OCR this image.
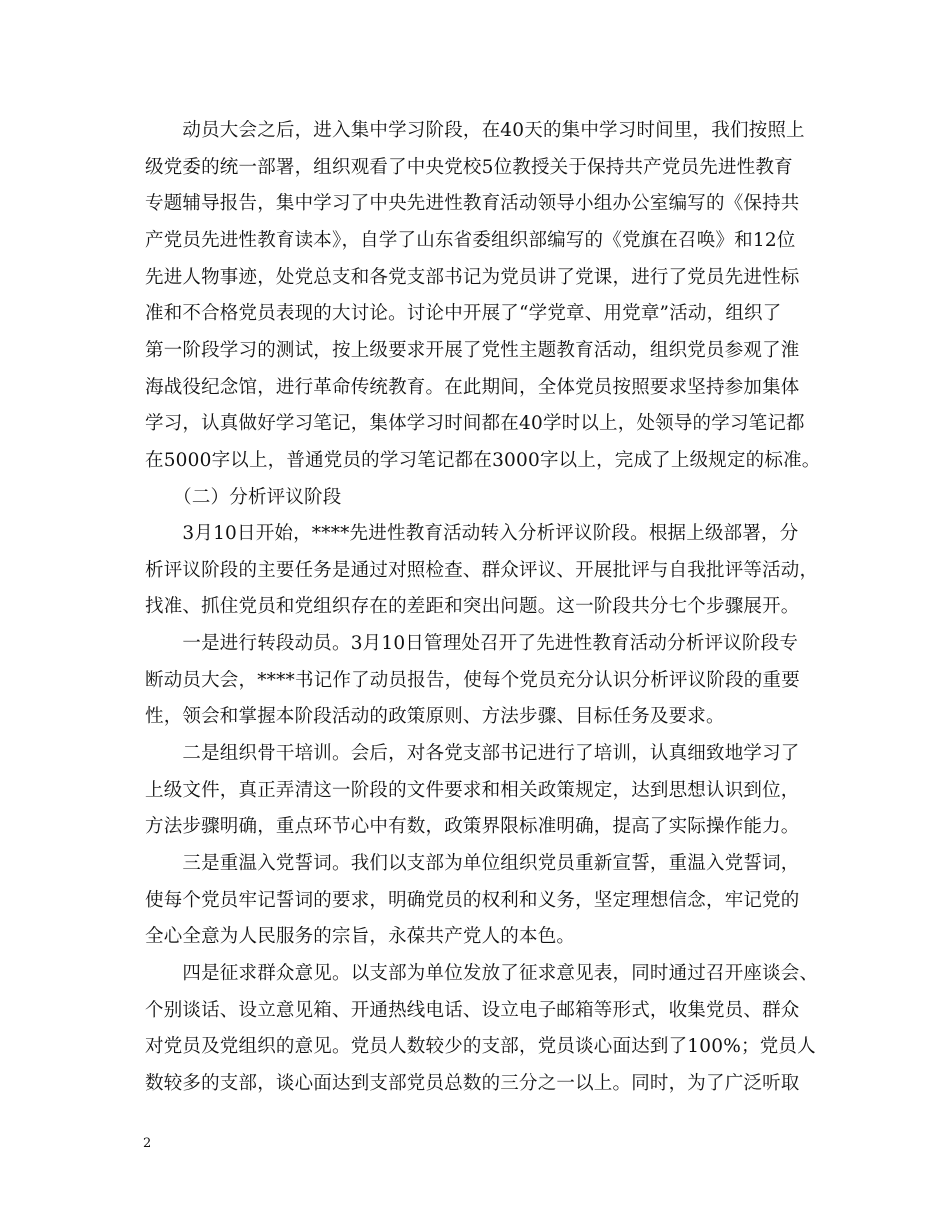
　　动员大会之后，进入集中学习阶段，在40天的集中学习时间里，我们按照上
级党委的统一部署，组织观看了中央党校5位教授关于保持共产党员先进性教育
专题辅导报告，集中学习了中央先进性教育活动领导小组办公室编写的《保持共
产党员先进性教育读本》，自学了山东省委组织部编写的《党旗在召唤》和12位
先进人物事迹，处党总支和各党支部书记为党员讲了党课，进行了党员先进性标
准和不合格党员表现的大讨论。讨论中开展了“学党章、用党章”活动，组织了
第一阶段学习的测试，按上级要求开展了党性主题教育活动，组织党员参观了淮
海战役纪念馆，进行革命传统教育。在此期间，全体党员按照要求坚持参加集体
学习，认真做好学习笔记，集体学习时间都在40学时以上，处领导的学习笔记都
在5000字以上，普通党员的学习笔记都在3000字以上，完成了上级规定的标准。
　　（二）分析评议阶段
　　3月10日开始，****先进性教育活动转入分析评议阶段。根据上级部署，分
析评议阶段的主要任务是通过对照检查、群众评议、开展批评与自我批评等活动，
找准、抓住党员和党组织存在的差距和突出问题。这一阶段共分七个步骤展开。
　　一是进行转段动员。3月10日管理处召开了先进性教育活动分析评议阶段专
断动员大会，****书记作了动员报告，使每个党员充分认识分析评议阶段的重要
性，领会和掌握本阶段活动的政策原则、方法步骤、目标任务及要求。
　　二是组织骨干培训。会后，对各党支部书记进行了培训，认真细致地学习了
上级文件，真正弄清这一阶段的文件要求和相关政策规定，达到思想认识到位，
方法步骤明确，重点环节心中有数，政策界限标准明确，提高了实际操作能力。
　　三是重温入党誓词。我们以支部为单位组织党员重新宣誓，重温入党誓词，
使每个党员牢记誓词的要求，明确党员的权利和义务，坚定理想信念，牢记党的
全心全意为人民服务的宗旨，永葆共产党人的本色。
　　四是征求群众意见。以支部为单位发放了征求意见表，同时通过召开座谈会、
个别谈话、设立意见箱、开通热线电话、设立电子邮箱等形式，收集党员、群众
对党员及党组织的意见。党员人数较少的支部，党员谈心面达到了100%；党员人
数较多的支部，谈心面达到支部党员总数的三分之一以上。同时，为了广泛听取
2
